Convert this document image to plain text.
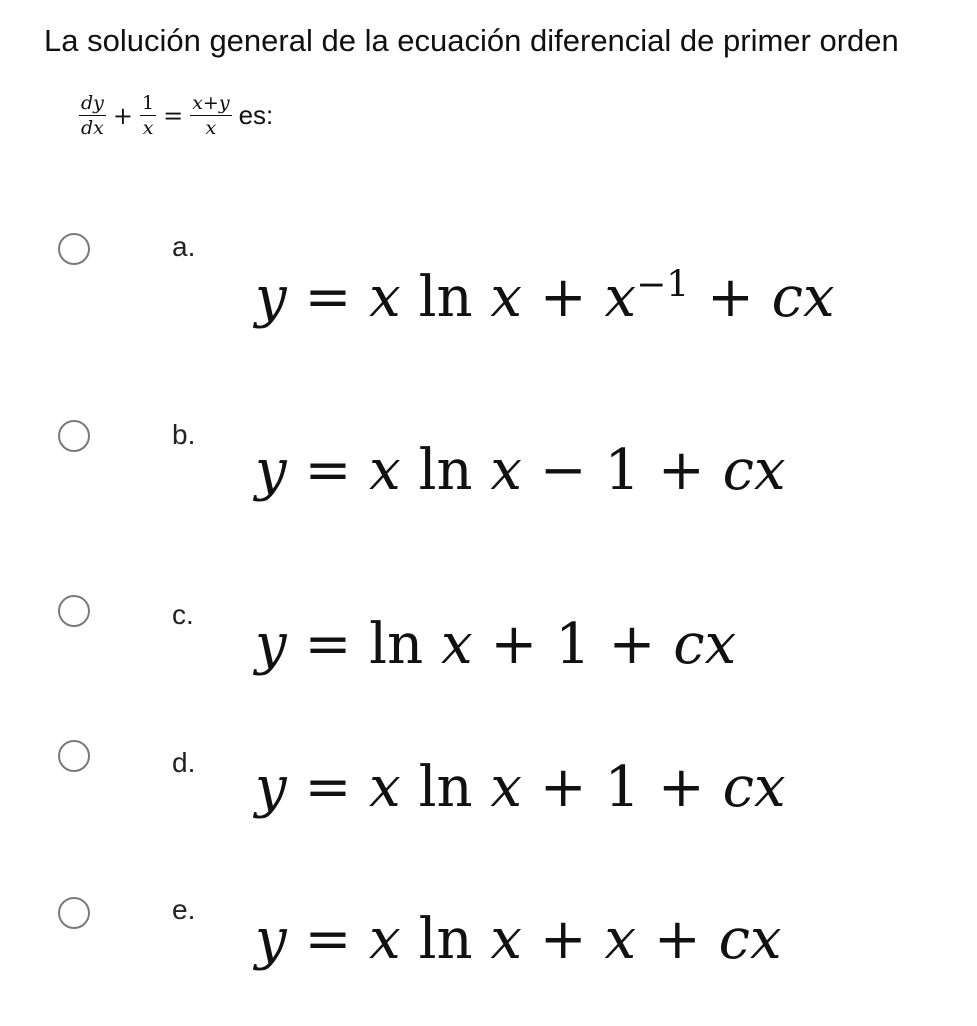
La solución general de la ecuación diferencial de primer orden

$\frac{dy}{dx} + \frac{1}{x} = \frac{x+y}{x}$ es:
a.
y = x $\ln x + x^{-1}$ + cx
b.
y = x ln x − 1 + cx
c. y = ln x + 1 + cx
d. y = x ln x + 1 + cx
e. y = x ln x + x + cx
